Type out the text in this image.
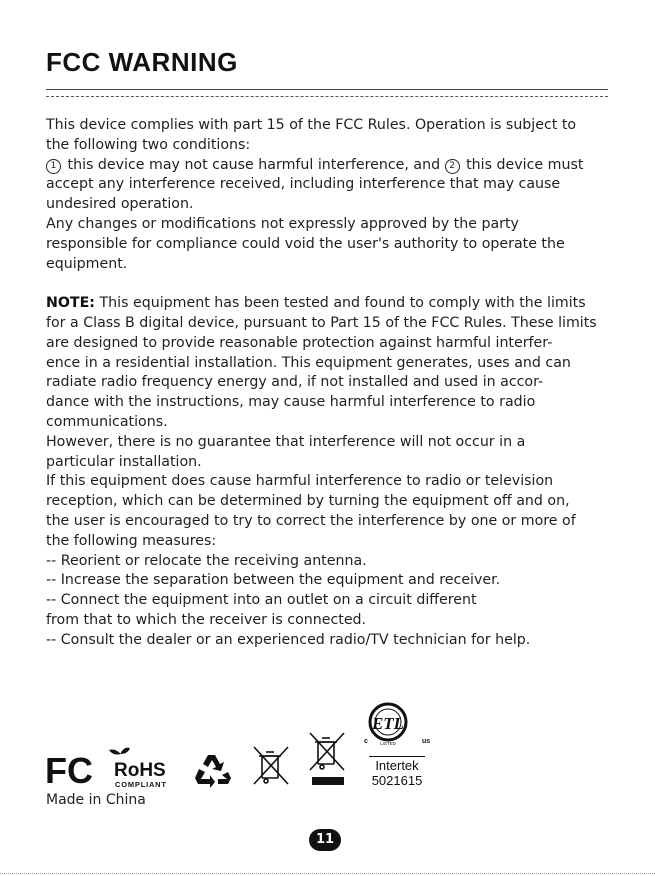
FCC WARNING

This device complies with part 15 of the FCC Rules. Operation is subject to

the following two conditions:

1 this device may not cause harmful interference, and 2 this device must

accept any interference received, including interference that may cause

undesired operation.

Any changes or modifications not expressly approved by the party

responsible for compliance could void the user's authority to operate the

equipment.

NOTE: This equipment has been tested and found to comply with the limits

for a Class B digital device, pursuant to Part 15 of the FCC Rules. These limits

are designed to provide reasonable protection against harmful interfer-

ence in a residential installation. This equipment generates, uses and can

radiate radio frequency energy and, if not installed and used in accor-

dance with the instructions, may cause harmful interference to radio

communications.

However, there is no guarantee that interference will not occur in a

particular installation.

If this equipment does cause harmful interference to radio or television

reception, which can be determined by turning the equipment off and on,

the user is encouraged to try to correct the interference by one or more of

the following measures:

-- Reorient or relocate the receiving antenna.

-- Increase the separation between the equipment and receiver.

-- Connect the equipment into an outlet on a circuit different

from that to which the receiver is connected.

-- Consult the dealer or an experienced radio/TV technician for help.

FC RoHS
COMPLIANT
ETL
c	us
LISTED
Intertek
5021615
Made in China
11
